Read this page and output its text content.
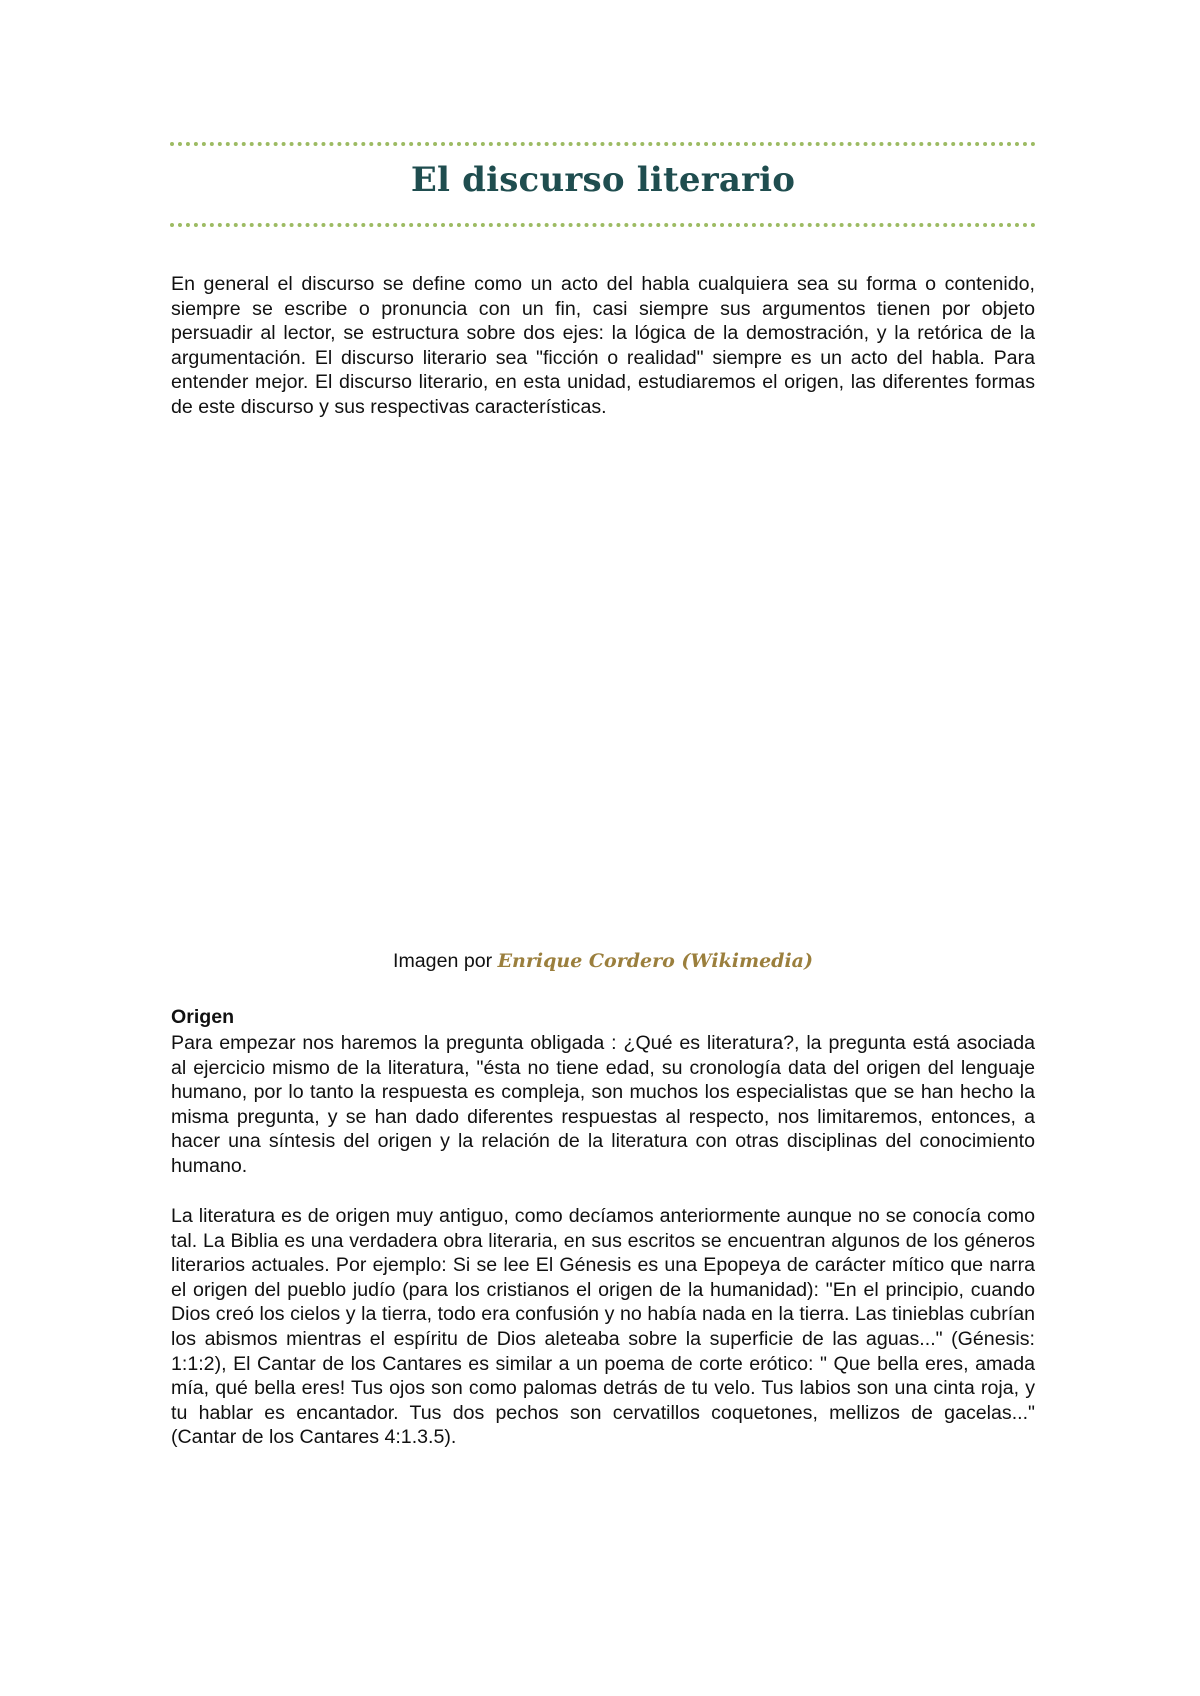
El discurso literario

En general el discurso se define como un acto del habla cualquiera sea su forma o contenido, siempre se escribe o pronuncia con un fin, casi siempre sus argumentos tienen por objeto persuadir al lector, se estructura sobre dos ejes: la lógica de la demostración, y la retórica de la argumentación. El discurso literario sea "ficción o realidad" siempre es un acto del habla. Para entender mejor. El discurso literario, en esta unidad, estudiaremos el origen, las diferentes formas de este discurso y sus respectivas características.

Imagen por Enrique Cordero (Wikimedia)

Origen

Para empezar nos haremos la pregunta obligada : ¿Qué es literatura?, la pregunta está asociada al ejercicio mismo de la literatura, "ésta no tiene edad, su cronología data del origen del lenguaje humano, por lo tanto la respuesta es compleja, son muchos los especialistas que se han hecho la misma pregunta, y se han dado diferentes respuestas al respecto, nos limitaremos, entonces, a hacer una síntesis del origen y la relación de la literatura con otras disciplinas del conocimiento humano.

La literatura es de origen muy antiguo, como decíamos anteriormente aunque no se conocía como tal. La Biblia es una verdadera obra literaria, en sus escritos se encuentran algunos de los géneros literarios actuales. Por ejemplo: Si se lee El Génesis es una Epopeya de carácter mítico que narra el origen del pueblo judío (para los cristianos el origen de la humanidad): "En el principio, cuando Dios creó los cielos y la tierra, todo era confusión y no había nada en la tierra. Las tinieblas cubrían los abismos mientras el espíritu de Dios aleteaba sobre la superficie de las aguas..." (Génesis: 1:1:2), El Cantar de los Cantares es similar a un poema de corte erótico: " Que bella eres, amada mía, qué bella eres! Tus ojos son como palomas detrás de tu velo. Tus labios son una cinta roja, y tu hablar es encantador. Tus dos pechos son cervatillos coquetones, mellizos de gacelas..." (Cantar de los Cantares 4:1.3.5).
